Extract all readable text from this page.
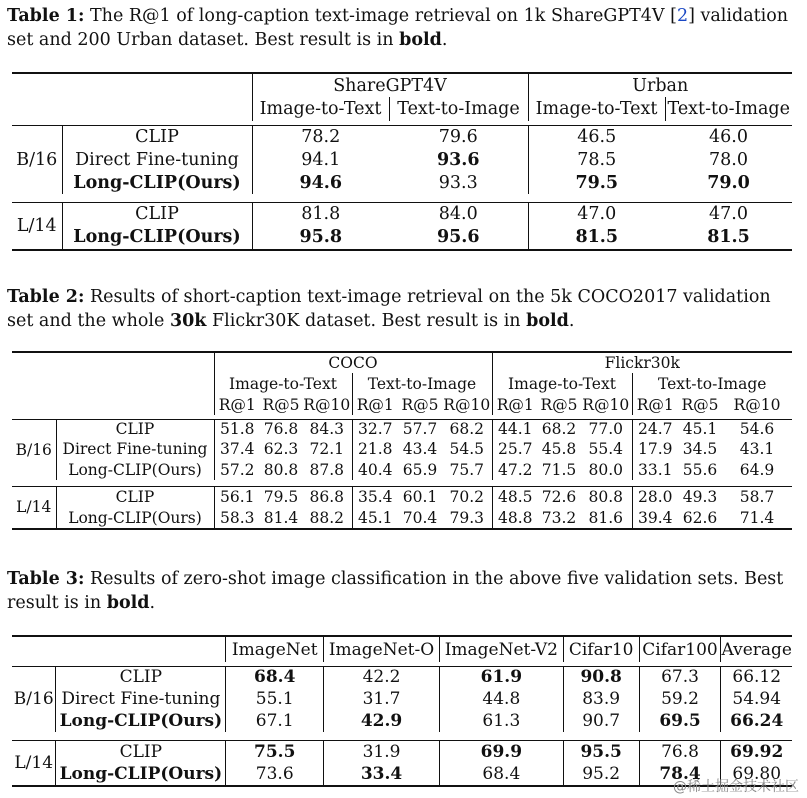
Table 1: The R@1 of long-caption text-image retrieval on 1k ShareGPT4V [2] validation set and 200 Urban dataset. Best result is in bold.
		ShareGPT4V		Urban	
		Image-to-Text	Text-to-Image	Image-to-Text	Text-to-Image

B/16	CLIP	78.2	79.6	46.5	46.0
	Direct Fine-tuning	94.1	93.6	78.5	78.0
	Long-CLIP(Ours)	94.6	93.3	79.5	79.0

L/14	CLIP	81.8	84.0	47.0	47.0
	Long-CLIP(Ours)	95.8	95.6	81.5	81.5
Table 2: Results of short-caption text-image retrieval on the 5k COCO2017 validation set and the whole 30k Flickr30K dataset. Best result is in bold.
		COCO						Flickr30k					
		Image-to-Text			Text-to-Image			Image-to-Text			Text-to-Image		
		R@1	R@5	R@10	R@1	R@5	R@10	R@1	R@5	R@10	R@1	R@5	R@10

B/16	CLIP	51.8	76.8	84.3	32.7	57.7	68.2	44.1	68.2	77.0	24.7	45.1	54.6
	Direct Fine-tuning	37.4	62.3	72.1	21.8	43.4	54.5	25.7	45.8	55.4	17.9	34.5	43.1
	Long-CLIP(Ours)	57.2	80.8	87.8	40.4	65.9	75.7	47.2	71.5	80.0	33.1	55.6	64.9

L/14	CLIP	56.1	79.5	86.8	35.4	60.1	70.2	48.5	72.6	80.8	28.0	49.3	58.7
	Long-CLIP(Ours)	58.3	81.4	88.2	45.1	70.4	79.3	48.8	73.2	81.6	39.4	62.6	71.4
Table 3: Results of zero-shot image classification in the above five validation sets. Best result is in bold.
		ImageNet	ImageNet-O	ImageNet-V2	Cifar10	Cifar100	Average

B/16	CLIP	68.4	42.2	61.9	90.8	67.3	66.12
	Direct Fine-tuning	55.1	31.7	44.8	83.9	59.2	54.94
	Long-CLIP(Ours)	67.1	42.9	61.3	90.7	69.5	66.24

L/14	CLIP	75.5	31.9	69.9	95.5	76.8	69.92
	Long-CLIP(Ours)	73.6	33.4	68.4	95.2	78.4	69.80
@稀土掘金技术社区
